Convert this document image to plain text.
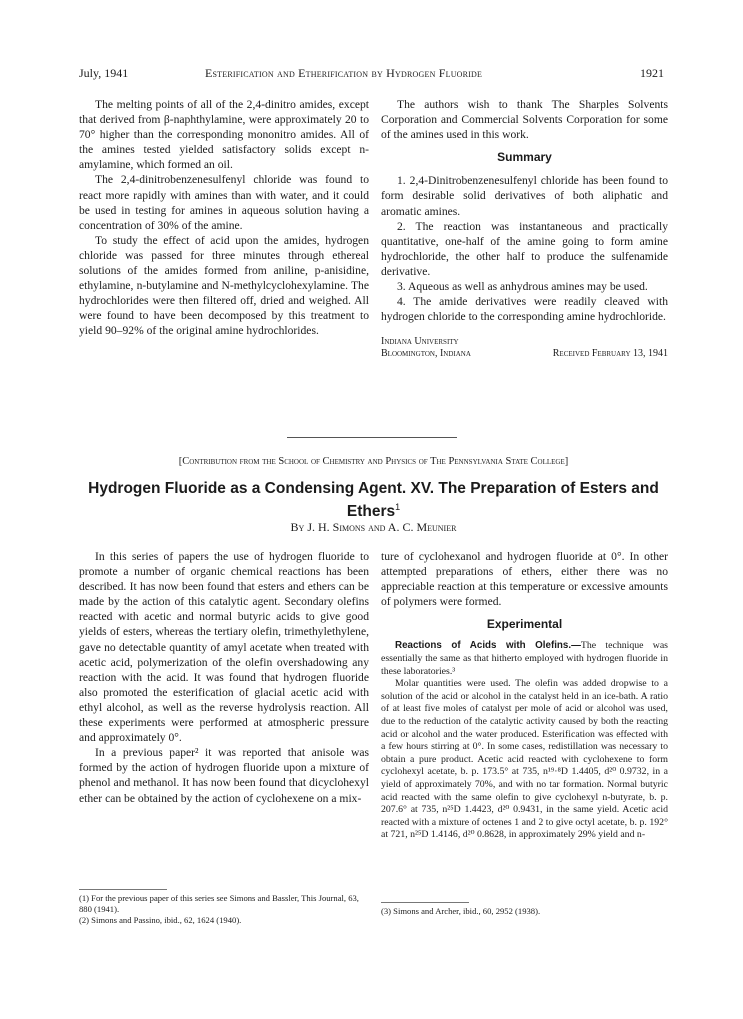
July, 1941	Esterification and Etherification by Hydrogen Fluoride	1921

The melting points of all of the 2,4-dinitro amides, except that derived from β-naphthylamine, were approximately 20 to 70° higher than the corresponding mononitro amides. All of the amines tested yielded satisfactory solids except n-amylamine, which formed an oil.

The 2,4-dinitrobenzenesulfenyl chloride was found to react more rapidly with amines than with water, and it could be used in testing for amines in aqueous solution having a concentration of 30% of the amine.

To study the effect of acid upon the amides, hydrogen chloride was passed for three minutes through ethereal solutions of the amides formed from aniline, p-anisidine, ethylamine, n-butylamine and N-methylcyclohexylamine. The hydrochlorides were then filtered off, dried and weighed. All were found to have been decomposed by this treatment to yield 90–92% of the original amine hydrochlorides.

The authors wish to thank The Sharples Solvents Corporation and Commercial Solvents Corporation for some of the amines used in this work.

Summary

1. 2,4-Dinitrobenzenesulfenyl chloride has been found to form desirable solid derivatives of both aliphatic and aromatic amines.

2. The reaction was instantaneous and practically quantitative, one-half of the amine going to form amine hydrochloride, the other half to produce the sulfenamide derivative.

3. Aqueous as well as anhydrous amines may be used.

4. The amide derivatives were readily cleaved with hydrogen chloride to the corresponding amine hydrochloride.

Indiana University
Bloomington, Indiana	Received February 13, 1941
[Contribution from the School of Chemistry and Physics of The Pennsylvania State College]
Hydrogen Fluoride as a Condensing Agent. XV. The Preparation of Esters and Ethers$^1$
By J. H. Simons and A. C. Meunier

In this series of papers the use of hydrogen fluoride to promote a number of organic chemical reactions has been described. It has now been found that esters and ethers can be made by the action of this catalytic agent. Secondary olefins reacted with acetic and normal butyric acids to give good yields of esters, whereas the tertiary olefin, trimethylethylene, gave no detectable quantity of amyl acetate when treated with acetic acid, polymerization of the olefin overshadowing any reaction with the acid. It was found that hydrogen fluoride also promoted the esterification of glacial acetic acid with ethyl alcohol, as well as the reverse hydrolysis reaction. All these experiments were performed at atmospheric pressure and approximately 0°.

In a previous paper² it was reported that anisole was formed by the action of hydrogen fluoride upon a mixture of phenol and methanol. It has now been found that dicyclohexyl ether can be obtained by the action of cyclohexene on a mix-

ture of cyclohexanol and hydrogen fluoride at 0°. In other attempted preparations of ethers, either there was no appreciable reaction at this temperature or excessive amounts of polymers were formed.

Experimental

Reactions of Acids with Olefins.—The technique was essentially the same as that hitherto employed with hydrogen fluoride in these laboratories.³

Molar quantities were used. The olefin was added dropwise to a solution of the acid or alcohol in the catalyst held in an ice-bath. A ratio of at least five moles of catalyst per mole of acid or alcohol was used, due to the reduction of the catalytic activity caused by both the reacting acid or alcohol and the water produced. Esterification was effected with a few hours stirring at 0°. In some cases, redistillation was necessary to obtain a pure product. Acetic acid reacted with cyclohexene to form cyclohexyl acetate, b. p. 173.5° at 735, n¹⁹·⁸D 1.4405, d²⁰ 0.9732, in a yield of approximately 70%, and with no tar formation. Normal butyric acid reacted with the same olefin to give cyclohexyl n-butyrate, b. p. 207.6° at 735, n²⁵D 1.4423, d²⁰ 0.9431, in the same yield. Acetic acid reacted with a mixture of octenes 1 and 2 to give octyl acetate, b. p. 192° at 721, n²⁵D 1.4146, d²⁰ 0.8628, in approximately 29% yield and n-

(1) For the previous paper of this series see Simons and Bassler, This Journal, 63, 880 (1941).

(2) Simons and Passino, ibid., 62, 1624 (1940).

(3) Simons and Archer, ibid., 60, 2952 (1938).
